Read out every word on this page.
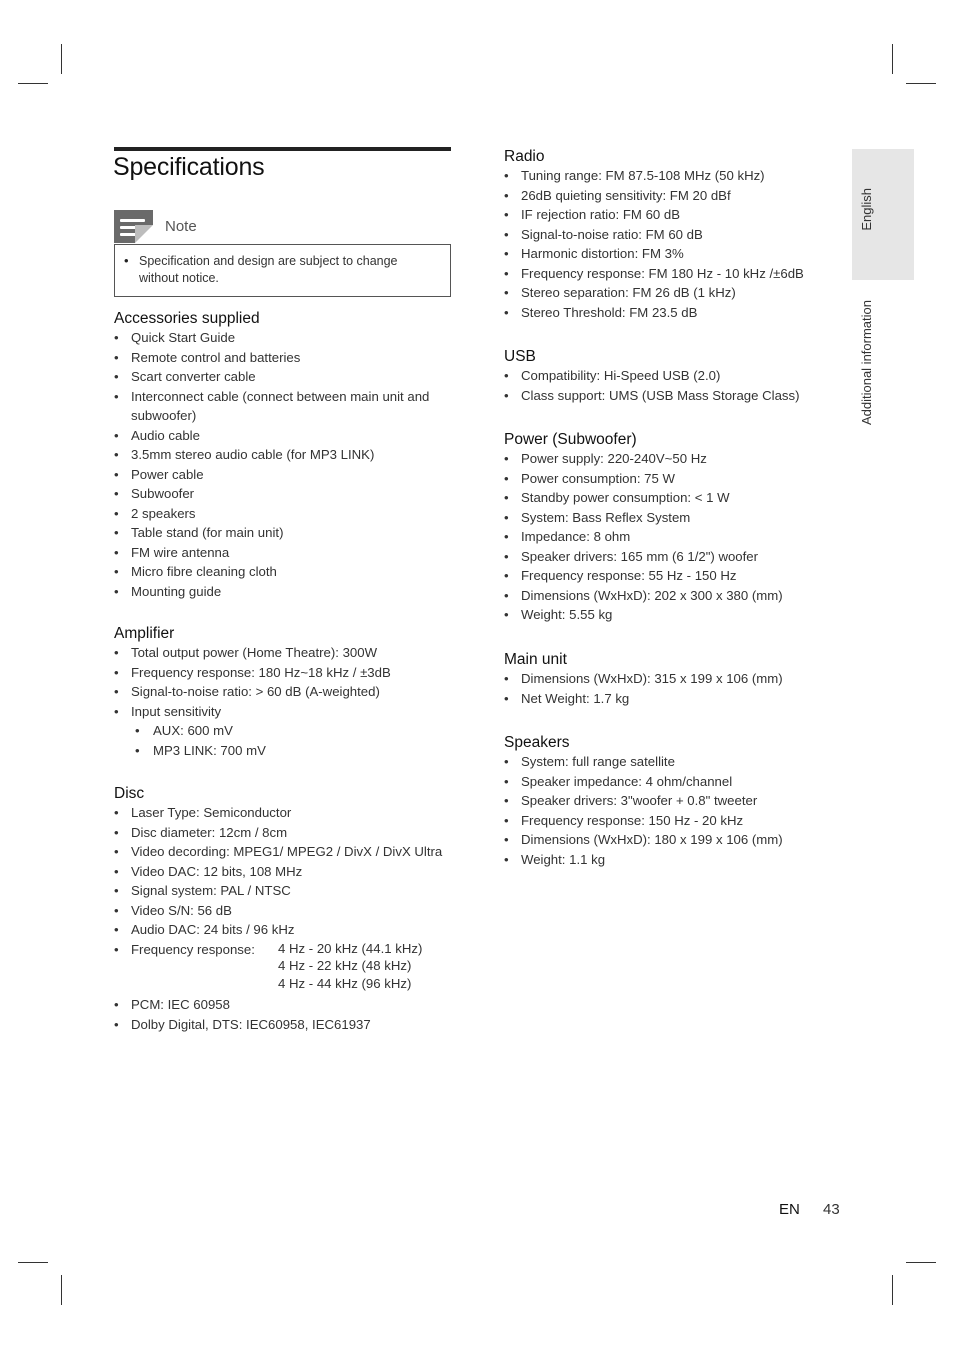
Specifications
Note
• Specification and design are subject to change without notice.
Accessories supplied
• Quick Start Guide
• Remote control and batteries
• Scart converter cable
• Interconnect cable (connect between main unit and subwoofer)
• Audio cable
• 3.5mm stereo audio cable (for MP3 LINK)
• Power cable
• Subwoofer
• 2 speakers
• Table stand (for main unit)
• FM wire antenna
• Micro fibre cleaning cloth
• Mounting guide
Amplifier
• Total output power (Home Theatre): 300W
• Frequency response: 180 Hz~18 kHz / ±3dB
• Signal-to-noise ratio: > 60 dB (A-weighted)
• Input sensitivity
• AUX: 600 mV
• MP3 LINK: 700 mV
Disc
• Laser Type: Semiconductor
• Disc diameter: 12cm / 8cm
• Video decording: MPEG1/ MPEG2 / DivX / DivX Ultra
• Video DAC: 12 bits, 108 MHz
• Signal system: PAL / NTSC
• Video S/N: 56 dB
• Audio DAC: 24 bits / 96 kHz
• Frequency response:	4 Hz - 20 kHz (44.1 kHz)
4 Hz - 22 kHz (48 kHz)
4 Hz - 44 kHz (96 kHz)
• PCM: IEC 60958
• Dolby Digital, DTS: IEC60958, IEC61937
Radio
• Tuning range: FM 87.5-108 MHz (50 kHz)
• 26dB quieting sensitivity: FM 20 dBf
• IF rejection ratio: FM 60 dB
• Signal-to-noise ratio: FM 60 dB
• Harmonic distortion: FM 3%
• Frequency response: FM 180 Hz - 10 kHz /±6dB
• Stereo separation: FM 26 dB (1 kHz)
• Stereo Threshold: FM 23.5 dB
USB
• Compatibility: Hi-Speed USB (2.0)
• Class support: UMS (USB Mass Storage Class)
Power (Subwoofer)
• Power supply: 220-240V~50 Hz
• Power consumption: 75 W
• Standby power consumption: < 1 W
• System: Bass Reflex System
• Impedance: 8 ohm
• Speaker drivers: 165 mm (6 1/2") woofer
• Frequency response: 55 Hz - 150 Hz
• Dimensions (WxHxD): 202 x 300 x 380 (mm)
• Weight: 5.55 kg
Main unit
• Dimensions (WxHxD): 315 x 199 x 106 (mm)
• Net Weight: 1.7 kg
Speakers
• System: full range satellite
• Speaker impedance: 4 ohm/channel
• Speaker drivers: 3"woofer + 0.8" tweeter
• Frequency response: 150 Hz - 20 kHz
• Dimensions (WxHxD): 180 x 199 x 106 (mm)
• Weight: 1.1 kg
English
Additional information
EN 43
